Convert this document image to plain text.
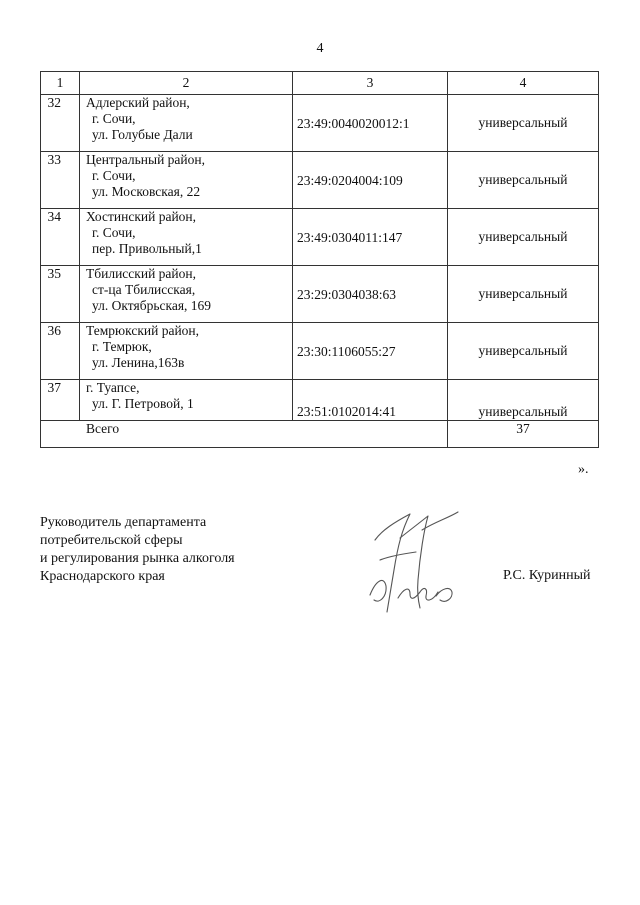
4
1	2	3	4
32	Адлерский район,
г. Сочи,
ул. Голубые Дали	23:49:0040020012:1	универсальный
33	Центральный район,
г. Сочи,
ул. Московская, 22	23:49:0204004:109	универсальный
34	Хостинский район,
г. Сочи,
пер. Привольный,1	23:49:0304011:147	универсальный
35	Тбилисский район,
ст-ца Тбилисская,
ул. Октябрьская, 169	23:29:0304038:63	универсальный
36	Темрюкский район,
г. Темрюк,
ул. Ленина,163в	23:30:1106055:27	универсальный
37	г. Туапсе,
ул. Г. Петровой, 1	23:51:0102014:41	универсальный
Всего			37
».
Руководитель департамента
потребительской сферы
и регулирования рынка алкоголя
Краснодарского края	Р.С. Куринный
